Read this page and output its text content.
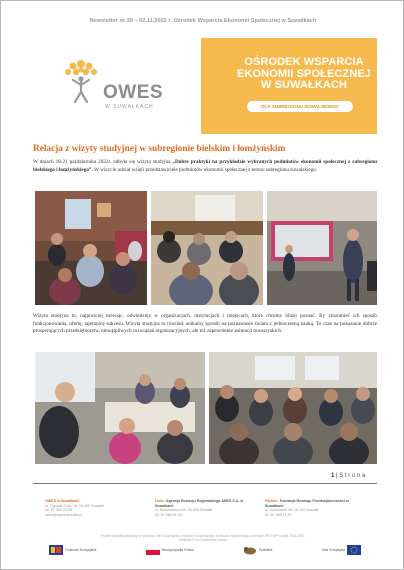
Newsletter nr 30 – 02.11.2022 r. Ośrodek Wsparcia Ekonomii Społecznej w Suwałkach
OWES
W SUWAŁKACH
OŚRODEK WSPARCIA
EKONOMII SPOŁECZNEJ
W SUWAŁKACH
DLA SUBREGIONU SUWALSKIEGO
Relacja z wizyty studyjnej w subregionie bielskim i łomżyńskim
W dniach 18-21 października 2022r. odbyła się wizyta studyjna „Dobre praktyki na przykładzie wybranych podmiotów ekonomii społecznej z subregionu bielskiego i łomżyńskiego”. W wizycie udział wzięli przedstawiciele podmiotów ekonomii społecznej z terenu subregionu suwalskiego.
Wizyta studyjna to, najprościej mówiąc, odwiedziny w organizacjach, instytucjach i miejscach, które chcemy bliżej poznać. By zrozumieć ich sposób funkcjonowania, ofertę, tajemnicę sukcesu. Wizyta studyjna to również unikalny sposób na poznawanie świata z jednoczesną nauką. To czas na pokazanie dobrze prosperujących przedsiębiorstw, niewątpliwych rozwiązań organizacyjnych, ale też zapewnienie animacji towarzyskich.
1 | S t r o n a
OWES w Suwałkach
ul. Ogródki 2 lok. 18, 16-400 Suwałki
tel. 87 566 20 55
owes@owes.suwalki.pl
Lider: Agencja Rozwoju Regionalnego ARES S.A. w Suwałkach
ul. Noniewicza 42A, 16-400 Suwałki
tel. 87 566 01 66
Partner: Fundacja Rozwoju Przedsiębiorczości w Suwałkach
ul. Kościuszki 45, 16-400 Suwałki
tel. 87 565 11 86
Projekt współfinansowany ze środków Unii Europejskiej w ramach Europejskiego Funduszu Społecznego w ramach RPO WP na lata 2014-2020, działanie 2.5 na podstawie umowy
Fundusze Europejskie	Rzeczpospolita Polska	Podlaskie	Unia Europejska
